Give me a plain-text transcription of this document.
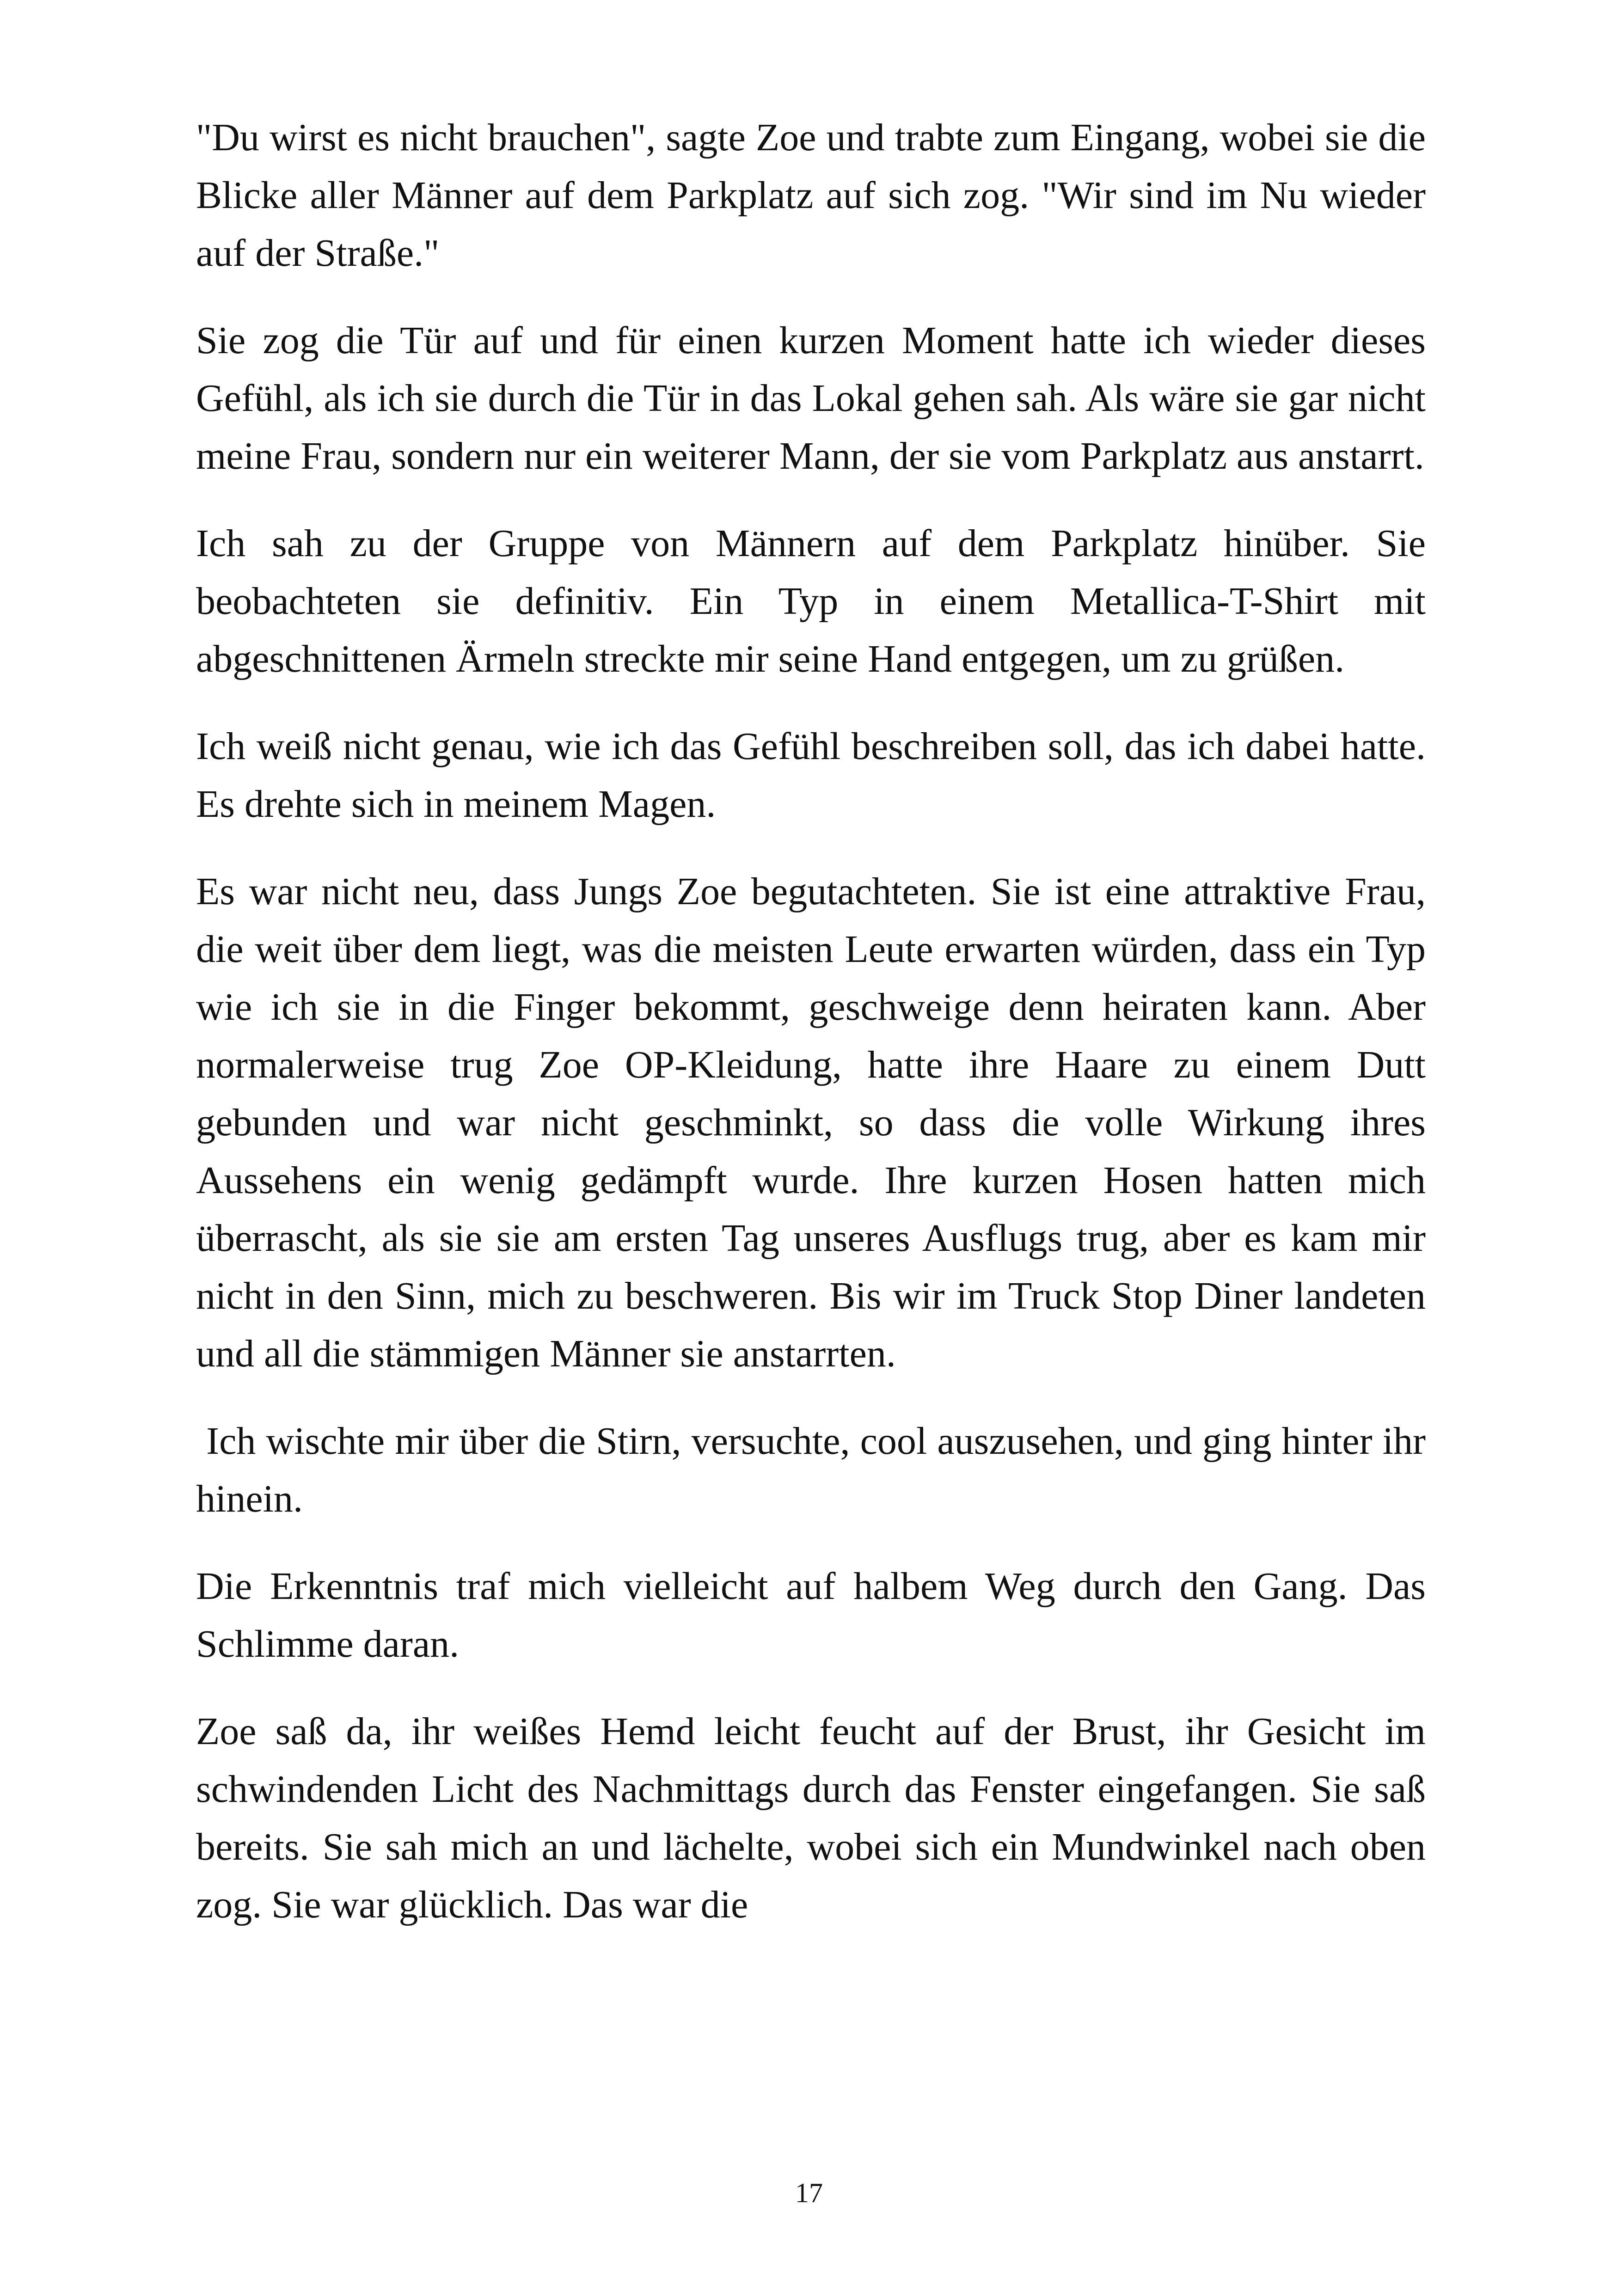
"Du wirst es nicht brauchen", sagte Zoe und trabte zum Eingang, wobei sie die Blicke aller Männer auf dem Parkplatz auf sich zog. "Wir sind im Nu wieder auf der Straße."

Sie zog die Tür auf und für einen kurzen Moment hatte ich wieder dieses Gefühl, als ich sie durch die Tür in das Lokal gehen sah. Als wäre sie gar nicht meine Frau, sondern nur ein weiterer Mann, der sie vom Parkplatz aus anstarrt.

Ich sah zu der Gruppe von Männern auf dem Parkplatz hinüber. Sie beobachteten sie definitiv. Ein Typ in einem Metallica-T-Shirt mit abgeschnittenen Ärmeln streckte mir seine Hand entgegen, um zu grüßen.

Ich weiß nicht genau, wie ich das Gefühl beschreiben soll, das ich dabei hatte. Es drehte sich in meinem Magen.

Es war nicht neu, dass Jungs Zoe begutachteten. Sie ist eine attraktive Frau, die weit über dem liegt, was die meisten Leute erwarten würden, dass ein Typ wie ich sie in die Finger bekommt, geschweige denn heiraten kann. Aber normalerweise trug Zoe OP-Kleidung, hatte ihre Haare zu einem Dutt gebunden und war nicht geschminkt, so dass die volle Wirkung ihres Aussehens ein wenig gedämpft wurde. Ihre kurzen Hosen hatten mich überrascht, als sie sie am ersten Tag unseres Ausflugs trug, aber es kam mir nicht in den Sinn, mich zu beschweren. Bis wir im Truck Stop Diner landeten und all die stämmigen Männer sie anstarrten.

Ich wischte mir über die Stirn, versuchte, cool auszusehen, und ging hinter ihr hinein.

Die Erkenntnis traf mich vielleicht auf halbem Weg durch den Gang. Das Schlimme daran.

Zoe saß da, ihr weißes Hemd leicht feucht auf der Brust, ihr Gesicht im schwindenden Licht des Nachmittags durch das Fenster eingefangen. Sie saß bereits. Sie sah mich an und lächelte, wobei sich ein Mundwinkel nach oben zog. Sie war glücklich. Das war die

17
